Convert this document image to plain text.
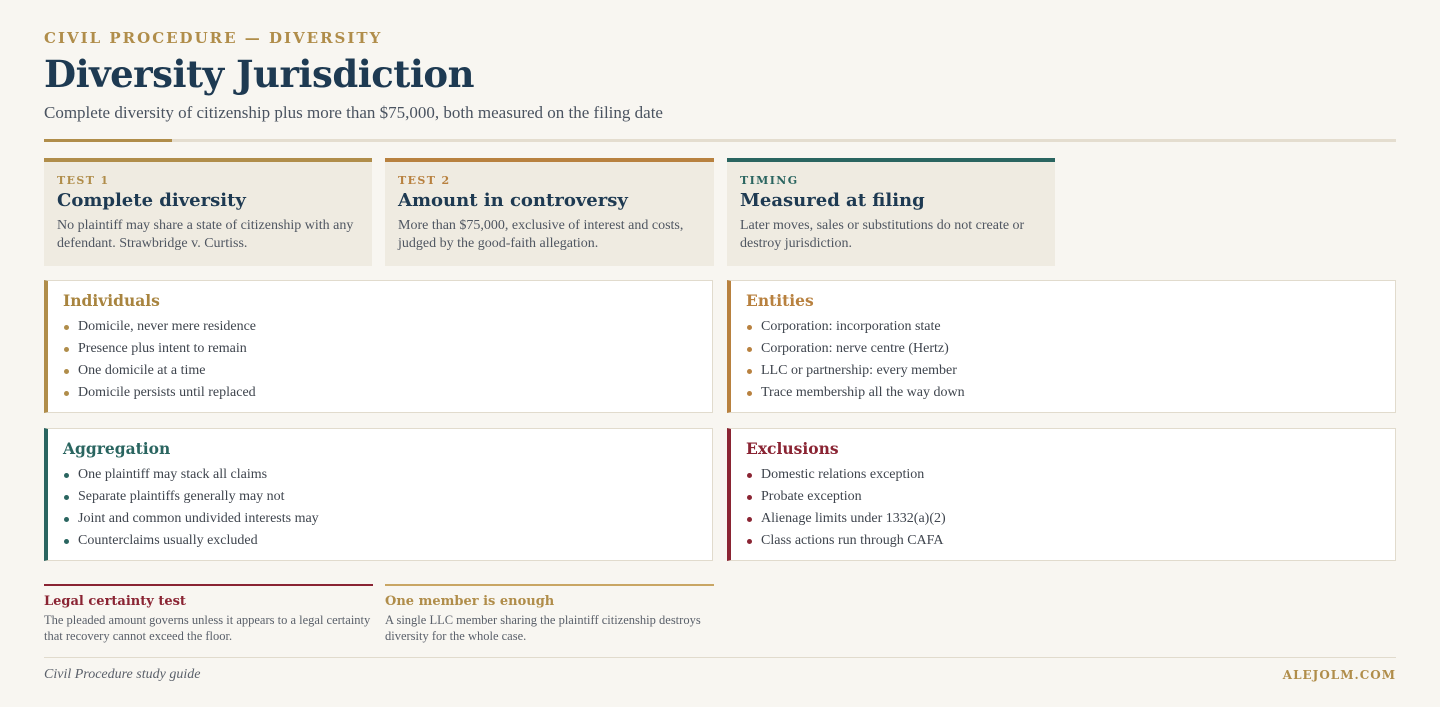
CIVIL PROCEDURE — DIVERSITY
Diversity Jurisdiction
Complete diversity of citizenship plus more than $75,000, both measured on the filing date
TEST 1
Complete diversity
No plaintiff may share a state of citizenship with any defendant. Strawbridge v. Curtiss.
TEST 2
Amount in controversy
More than $75,000, exclusive of interest and costs, judged by the good-faith allegation.
TIMING
Measured at filing
Later moves, sales or substitutions do not create or destroy jurisdiction.
Individuals
Domicile, never mere residence
Presence plus intent to remain
One domicile at a time
Domicile persists until replaced
Entities
Corporation: incorporation state
Corporation: nerve centre (Hertz)
LLC or partnership: every member
Trace membership all the way down
Aggregation
One plaintiff may stack all claims
Separate plaintiffs generally may not
Joint and common undivided interests may
Counterclaims usually excluded
Exclusions
Domestic relations exception
Probate exception
Alienage limits under 1332(a)(2)
Class actions run through CAFA
Legal certainty test
The pleaded amount governs unless it appears to a legal certainty that recovery cannot exceed the floor.
One member is enough
A single LLC member sharing the plaintiff citizenship destroys diversity for the whole case.
Civil Procedure study guide	ALEJOLM.COM
